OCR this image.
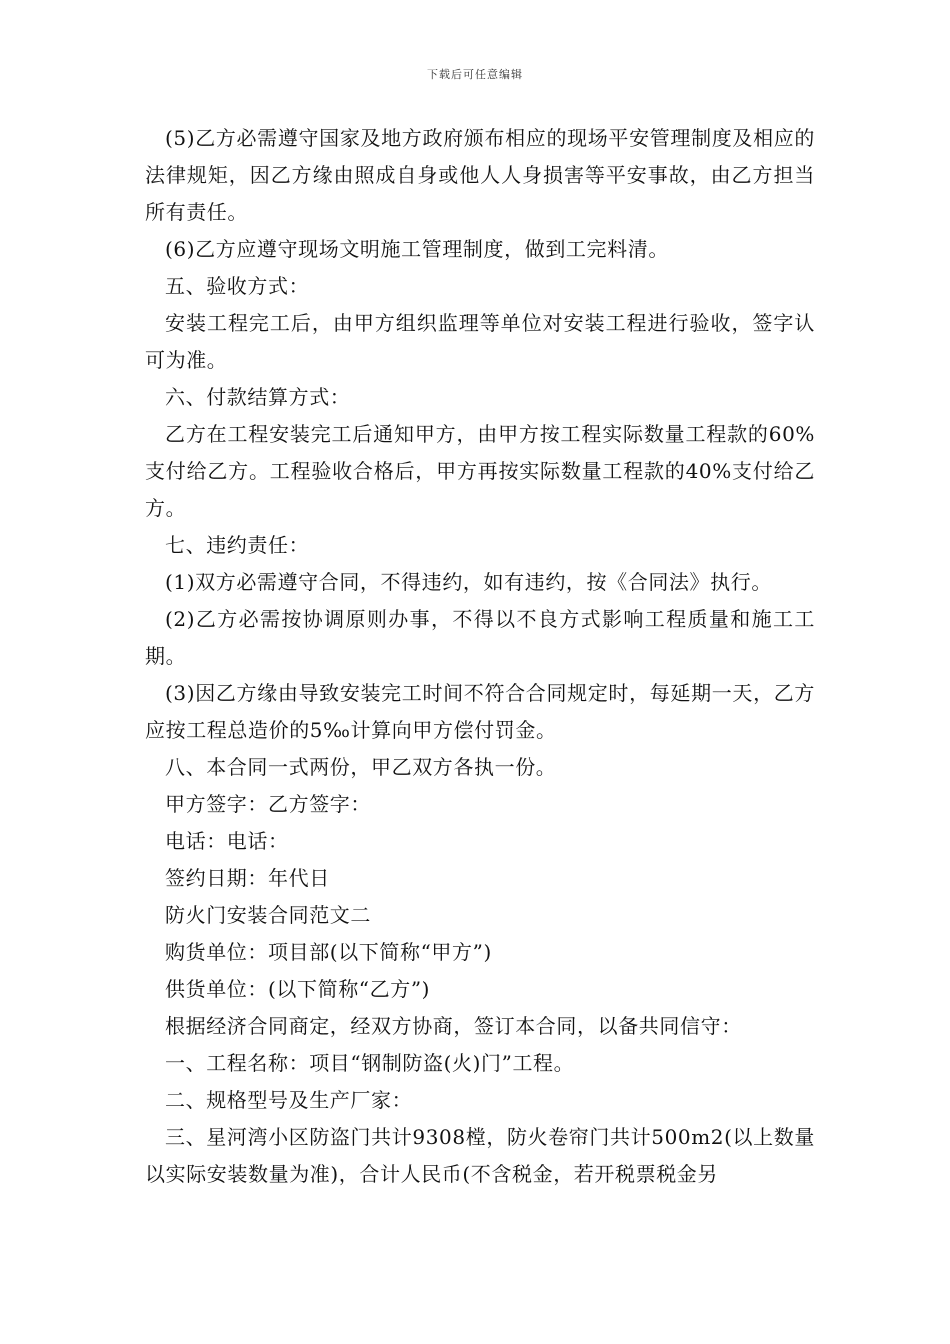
下载后可任意编辑

(5)乙方必需遵守国家及地方政府颁布相应的现场平安管理制度及相应的法律规矩，因乙方缘由照成自身或他人人身损害等平安事故，由乙方担当所有责任。

(6)乙方应遵守现场文明施工管理制度，做到工完料清。

五、验收方式：

安装工程完工后，由甲方组织监理等单位对安装工程进行验收，签字认可为准。

六、付款结算方式：

乙方在工程安装完工后通知甲方，由甲方按工程实际数量工程款的60%支付给乙方。工程验收合格后，甲方再按实际数量工程款的40%支付给乙方。

七、违约责任：

(1)双方必需遵守合同，不得违约，如有违约，按《合同法》执行。

(2)乙方必需按协调原则办事，不得以不良方式影响工程质量和施工工期。

(3)因乙方缘由导致安装完工时间不符合合同规定时，每延期一天，乙方应按工程总造价的5‰计算向甲方偿付罚金。

八、本合同一式两份，甲乙双方各执一份。

甲方签字：乙方签字：

电话：电话：

签约日期：年代日

防火门安装合同范文二

购货单位：项目部(以下简称“甲方”)

供货单位：(以下简称“乙方”)

根据经济合同商定，经双方协商，签订本合同，以备共同信守：

一、工程名称：项目“钢制防盗(火)门”工程。

二、规格型号及生产厂家：

三、星河湾小区防盗门共计9308樘，防火卷帘门共计500m2(以上数量以实际安装数量为准)，合计人民币(不含税金，若开税票税金另
